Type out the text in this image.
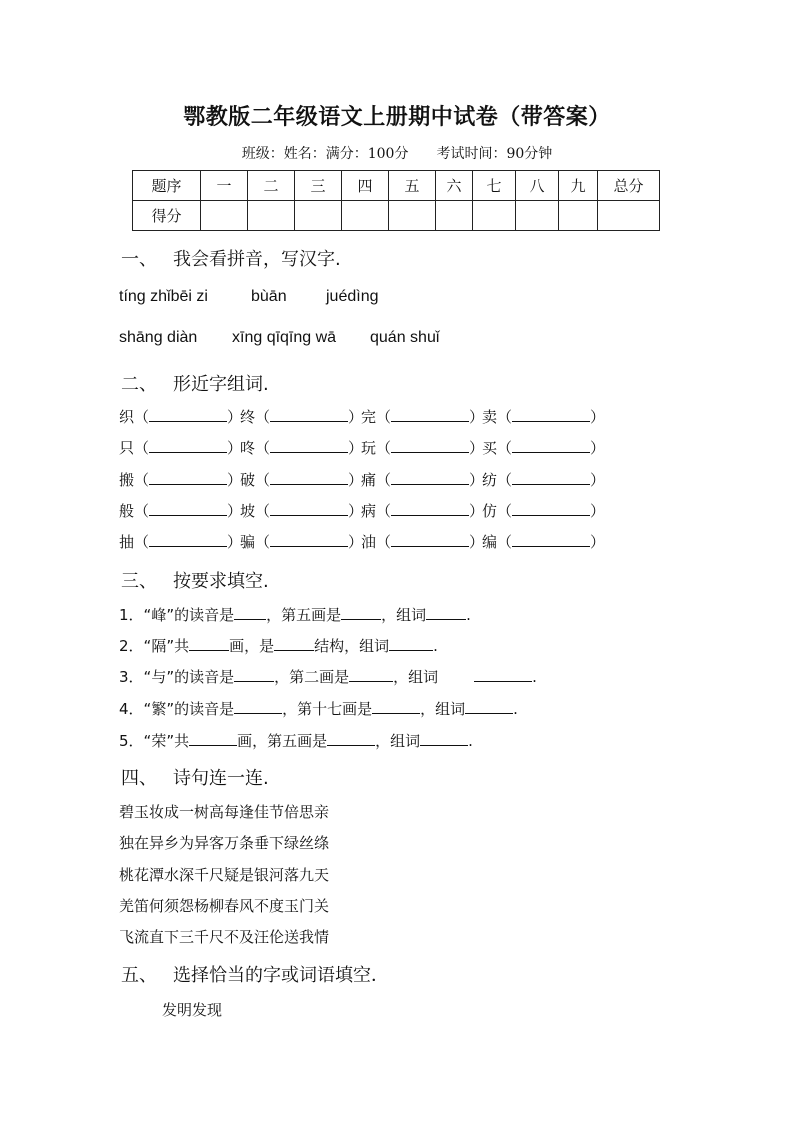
鄂教版二年级语文上册期中试卷（带答案）
班级：姓名：满分：100分　　考试时间：90分钟
题序	一	二	三	四	五	六	七	八	九	总分
得分										
一、 我会看拼音，写汉字.
tíng zhǐbēi zi	bùān juédìng
shāng diàn xīng qīqīng wā quán shuǐ
二、 形近字组词.
织（	）终（	）完（	）卖（	）
只（	）咚（	）玩（	）买（	）
搬（	）破（	）痛（	）纺（	）
般（	）坡（	）病（	）仿（	）
抽（	）骗（	）油（	）编（	）
三、 按要求填空.
1．“峰”的读音是 ，第五画是	，组词	.
2．“隔”共	画，是	结构，组词	.
3．“与”的读音是	，第二画是	，组词　　	.
4．“繁”的读音是	，第十七画是	，组词	.
5．“荣”共	画，第五画是	，组词	.
四、 诗句连一连.
碧玉妆成一树高每逢佳节倍思亲
独在异乡为异客万条垂下绿丝绦
桃花潭水深千尺疑是银河落九天
羌笛何须怨杨柳春风不度玉门关
飞流直下三千尺不及汪伦送我情
五、 选择恰当的字或词语填空．
发明发现
